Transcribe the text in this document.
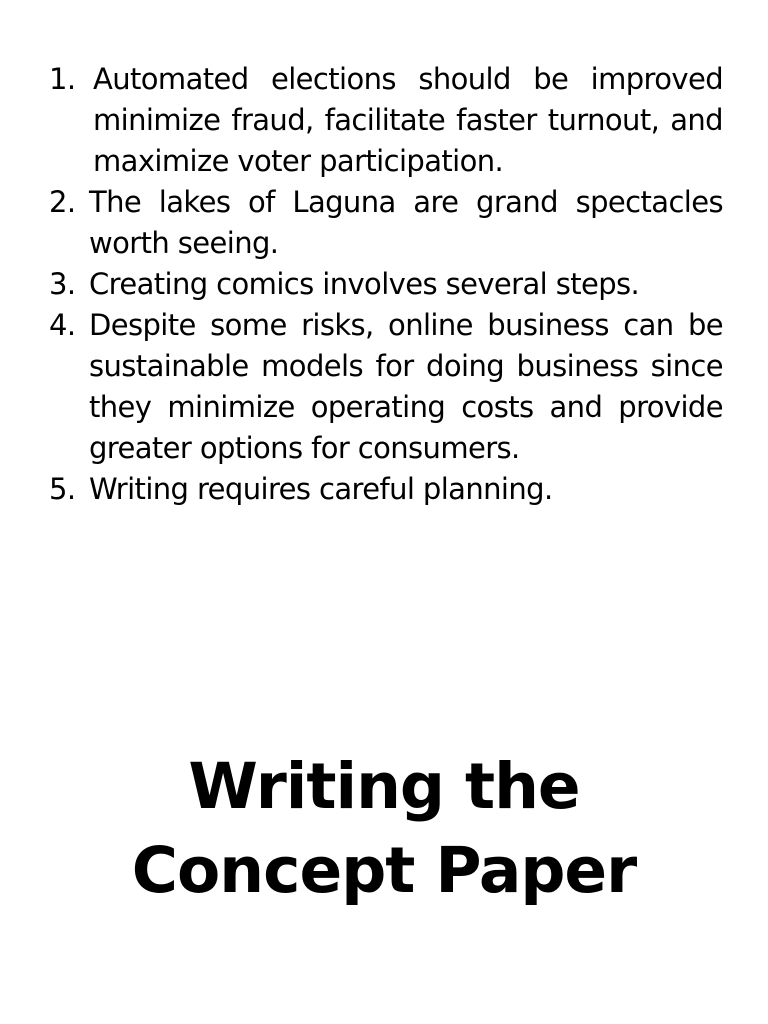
1. Automated elections should be improved minimize fraud, facilitate faster turnout, and maximize voter participation.
2. The lakes of Laguna are grand spectacles worth seeing.
3. Creating comics involves several steps.
4. Despite some risks, online business can be sustainable models for doing business since they minimize operating costs and provide greater options for consumers.
5. Writing requires careful planning.
Writing the
Concept Paper
